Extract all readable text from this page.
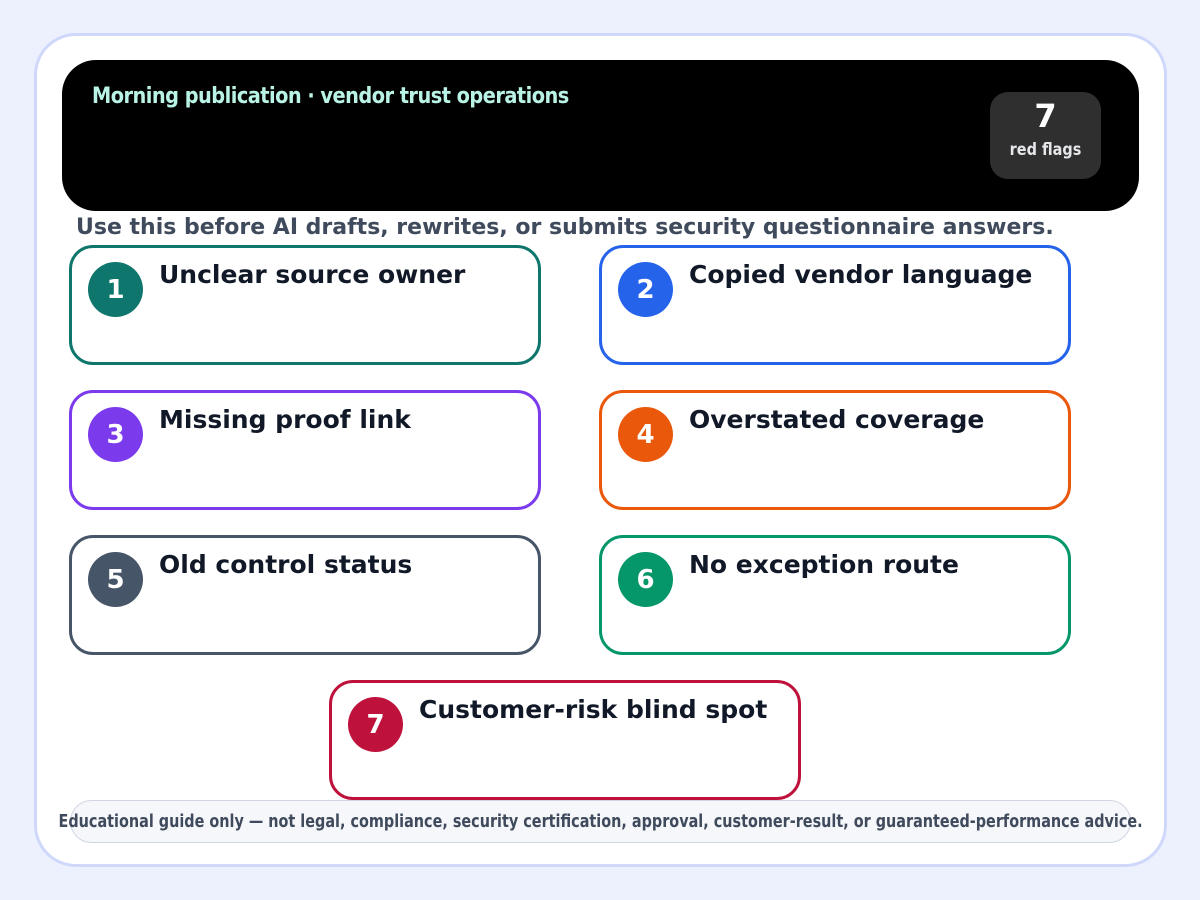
Morning publication · vendor trust operations
7
red flags
Use this before AI drafts, rewrites, or submits security questionnaire answers.
1	Unclear source owner	2	Copied vendor language
3	Missing proof link	4	Overstated coverage
5	Old control status	6	No exception route
7	Customer-risk blind spot
Educational guide only — not legal, compliance, security certification, approval, customer-result, or guaranteed-performance advice.
